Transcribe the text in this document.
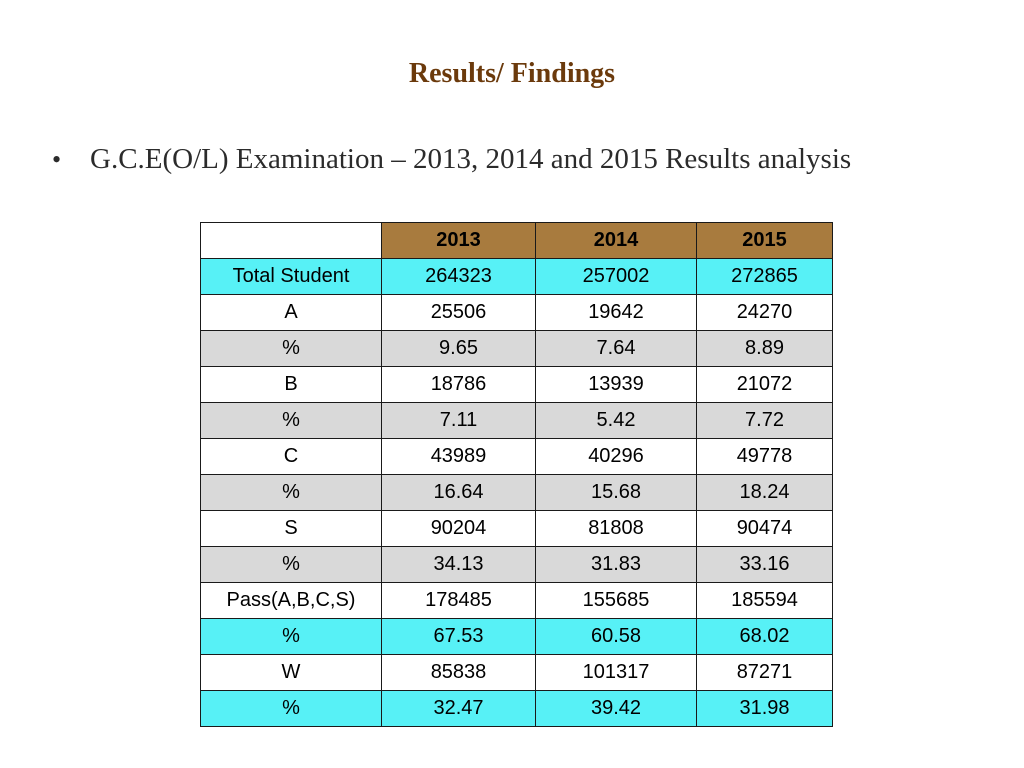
Results/ Findings
• G.C.E(O/L) Examination – 2013, 2014 and 2015 Results analysis
	2013	2014	2015
Total Student	264323	257002	272865
A	25506	19642	24270
%	9.65	7.64	8.89
B	18786	13939	21072
%	7.11	5.42	7.72
C	43989	40296	49778
%	16.64	15.68	18.24
S	90204	81808	90474
%	34.13	31.83	33.16
Pass(A,B,C,S)	178485	155685	185594
%	67.53	60.58	68.02
W	85838	101317	87271
%	32.47	39.42	31.98
